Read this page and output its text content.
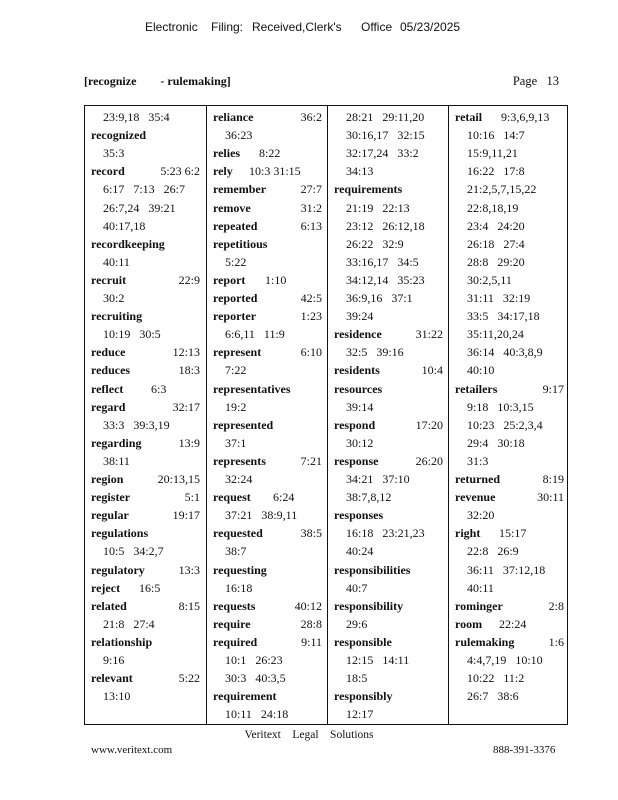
Electronic Filing: Received,Clerk's Office 05/23/2025
[recognize        - rulemaking]	Page   13
23:9,18   35:4
recognized
35:3
record	5:23 6:2
6:17   7:13   26:7
26:7,24   39:21
40:17,18
recordkeeping
40:11
recruit	22:9
30:2
recruiting
10:19   30:5
reduce	12:13
reduces	18:3
reflect 6:3
regard	32:17
33:3   39:3,19
regarding	13:9
38:11
region	20:13,15
register	5:1
regular	19:17
regulations
10:5   34:2,7
regulatory	13:3
reject 16:5
related	8:15
21:8   27:4
relationship
9:16
relevant	5:22
13:10
reliance	36:2
36:23
relies 8:22
rely 10:3 31:15
remember	27:7
remove	31:2
repeated	6:13
repetitious
5:22
report 1:10
reported	42:5
reporter	1:23
6:6,11   11:9
represent	6:10
7:22
representatives
19:2
represented
37:1
represents	7:21
32:24
request 6:24
37:21   38:9,11
requested	38:5
38:7
requesting
16:18
requests	40:12
require	28:8
required	9:11
10:1   26:23
30:3   40:3,5
requirement
10:11   24:18
28:21   29:11,20
30:16,17   32:15
32:17,24   33:2
34:13
requirements
21:19   22:13
23:12   26:12,18
26:22   32:9
33:16,17   34:5
34:12,14   35:23
36:9,16   37:1
39:24
residence	31:22
32:5   39:16
residents	10:4
resources
39:14
respond	17:20
30:12
response	26:20
34:21   37:10
38:7,8,12
responses
16:18   23:21,23
40:24
responsibilities
40:7
responsibility
29:6
responsible
12:15   14:11
18:5
responsibly
12:17
retail 9:3,6,9,13
10:16   14:7
15:9,11,21
16:22   17:8
21:2,5,7,15,22
22:8,18,19
23:4   24:20
26:18   27:4
28:8   29:20
30:2,5,11
31:11   32:19
33:5   34:17,18
35:11,20,24
36:14   40:3,8,9
40:10
retailers	9:17
9:18   10:3,15
10:23   25:2,3,4
29:4   30:18
31:3
returned	8:19
revenue	30:11
32:20
right 15:17
22:8   26:9
36:11   37:12,18
40:11
rominger	2:8
room 22:24
rulemaking	1:6
4:4,7,19   10:10
10:22   11:2
26:7   38:6
Veritext    Legal    Solutions
www.veritext.com	888-391-3376
